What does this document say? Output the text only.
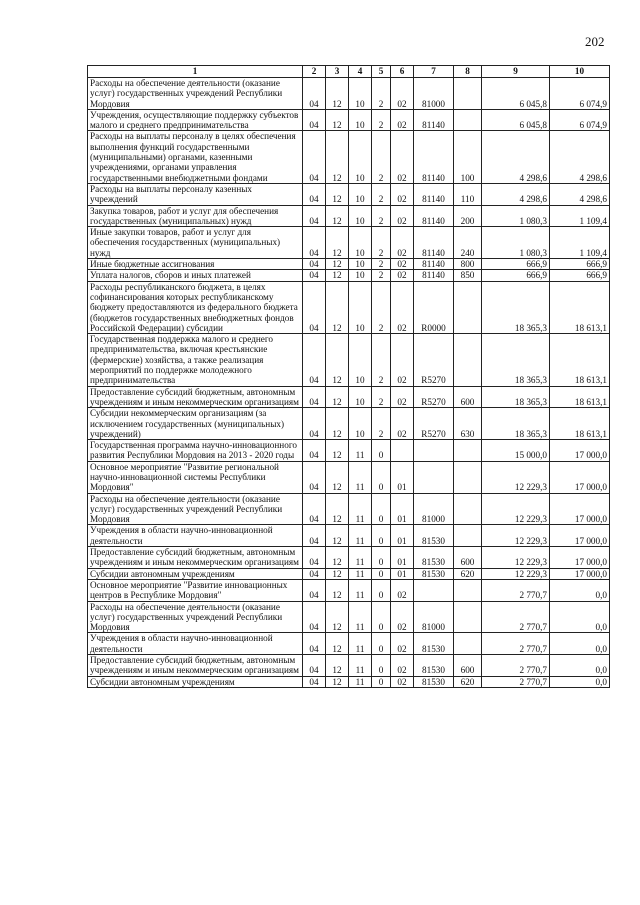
202
1	2	3	4	5	6	7	8	9	10
Расходы на обеспечение деятельности (оказание услуг) государственных учреждений Республики Мордовия	04	12	10	2	02	81000		6 045,8	6 074,9
Учреждения, осуществляющие поддержку субъектов малого и среднего предпринимательства	04	12	10	2	02	81140		6 045,8	6 074,9
Расходы на выплаты персоналу в целях обеспечения выполнения функций государственными (муниципальными) органами, казенными учреждениями, органами управления государственными внебюджетными фондами	04	12	10	2	02	81140	100	4 298,6	4 298,6
Расходы на выплаты персоналу казенных учреждений	04	12	10	2	02	81140	110	4 298,6	4 298,6
Закупка товаров, работ и услуг для обеспечения государственных (муниципальных) нужд	04	12	10	2	02	81140	200	1 080,3	1 109,4
Иные закупки товаров, работ и услуг для обеспечения государственных (муниципальных) нужд	04	12	10	2	02	81140	240	1 080,3	1 109,4
Иные бюджетные ассигнования	04	12	10	2	02	81140	800	666,9	666,9
Уплата налогов, сборов и иных платежей	04	12	10	2	02	81140	850	666,9	666,9
Расходы республиканского бюджета, в целях софинансирования которых республиканскому бюджету предоставляются из федерального бюджета (бюджетов государственных внебюджетных фондов Российской Федерации) субсидии	04	12	10	2	02	R0000		18 365,3	18 613,1
Государственная поддержка малого и среднего предпринимательства, включая крестьянские (фермерские) хозяйства, а также реализация мероприятий по поддержке молодежного предпринимательства	04	12	10	2	02	R5270		18 365,3	18 613,1
Предоставление субсидий бюджетным, автономным учреждениям и иным некоммерческим организациям	04	12	10	2	02	R5270	600	18 365,3	18 613,1
Субсидии некоммерческим организациям (за исключением государственных (муниципальных) учреждений)	04	12	10	2	02	R5270	630	18 365,3	18 613,1
Государственная программа научно-инновационного развития Республики Мордовия на 2013 - 2020 годы	04	12	11	0				15 000,0	17 000,0
Основное мероприятие "Развитие региональной научно-инновационной системы Республики Мордовия"	04	12	11	0	01			12 229,3	17 000,0
Расходы на обеспечение деятельности (оказание услуг) государственных учреждений Республики Мордовия	04	12	11	0	01	81000		12 229,3	17 000,0
Учреждения в области научно-инновационной деятельности	04	12	11	0	01	81530		12 229,3	17 000,0
Предоставление субсидий бюджетным, автономным учреждениям и иным некоммерческим организациям	04	12	11	0	01	81530	600	12 229,3	17 000,0
Субсидии автономным учреждениям	04	12	11	0	01	81530	620	12 229,3	17 000,0
Основное мероприятие "Развитие инновационных центров в Республике Мордовия"	04	12	11	0	02			2 770,7	0,0
Расходы на обеспечение деятельности (оказание услуг) государственных учреждений Республики Мордовия	04	12	11	0	02	81000		2 770,7	0,0
Учреждения в области научно-инновационной деятельности	04	12	11	0	02	81530		2 770,7	0,0
Предоставление субсидий бюджетным, автономным учреждениям и иным некоммерческим организациям	04	12	11	0	02	81530	600	2 770,7	0,0
Субсидии автономным учреждениям	04	12	11	0	02	81530	620	2 770,7	0,0
